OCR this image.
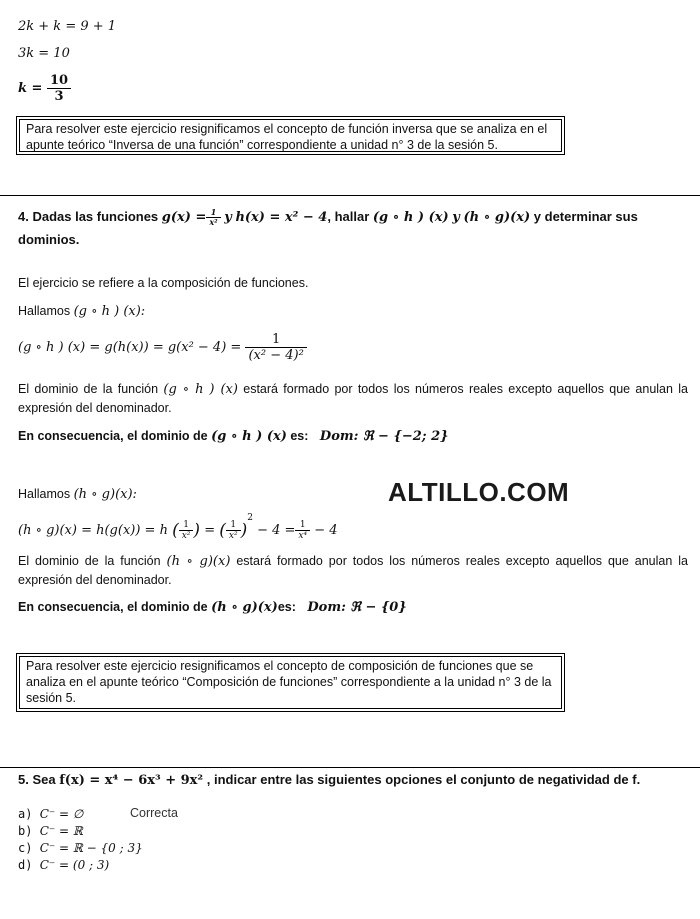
2k + k = 9 + 1
3k = 10
$k = \frac{10}{3}$
Para resolver este ejercicio resignificamos el concepto de función inversa que se analiza en el apunte teórico “Inversa de una función” correspondiente a unidad n° 3 de la sesión 5.
4. Dadas las funciones $g(x) = \frac{1}{\text{x²}}$ y h(x) = x² − 4, hallar (g ∘ h ) (x) y (h ∘ g)(x) y determinar sus
dominios.
El ejercicio se refiere a la composición de funciones.
Hallamos (g ∘ h ) (x):
(g ∘ h ) $(x) = g(h(x)) = g(x^2 - 4) = \frac{1}{\text{(x² − 4)²}}$
El dominio de la función (g ∘ h ) (x) estará formado por todos los números reales excepto aquellos que anulan la expresión del denominador.
En consecuencia, el dominio de (g ∘ h ) (x) es: Dom: ℜ − {−2; 2}
Hallamos (h ∘ g)(x):	ALTILLO.COM
(h ∘ g)(x) = h(g(x)) = h ( $\frac{1}{\text{x²}}$ ) = ( $\frac{1}{\text{x²}} )^2 - 4 = \frac{1}{\text{x⁴}} - 4$
El dominio de la función (h ∘ g)(x) estará formado por todos los números reales excepto aquellos que anulan la expresión del denominador.
En consecuencia, el dominio de (h ∘ g)(x)es: Dom: ℜ − {0}
Para resolver este ejercicio resignificamos el concepto de composición de funciones que se analiza en el apunte teórico “Composición de funciones” correspondiente a la unidad n° 3 de la sesión 5.
5. Sea f(x) = x⁴ − 6x³ + 9x² , indicar entre las siguientes opciones el conjunto de negatividad de f.
a) C⁻ = ∅
b) C⁻ = ℝ
c) C⁻ = ℝ − {0 ; 3}
d) C⁻ = (0 ; 3)
Correcta
